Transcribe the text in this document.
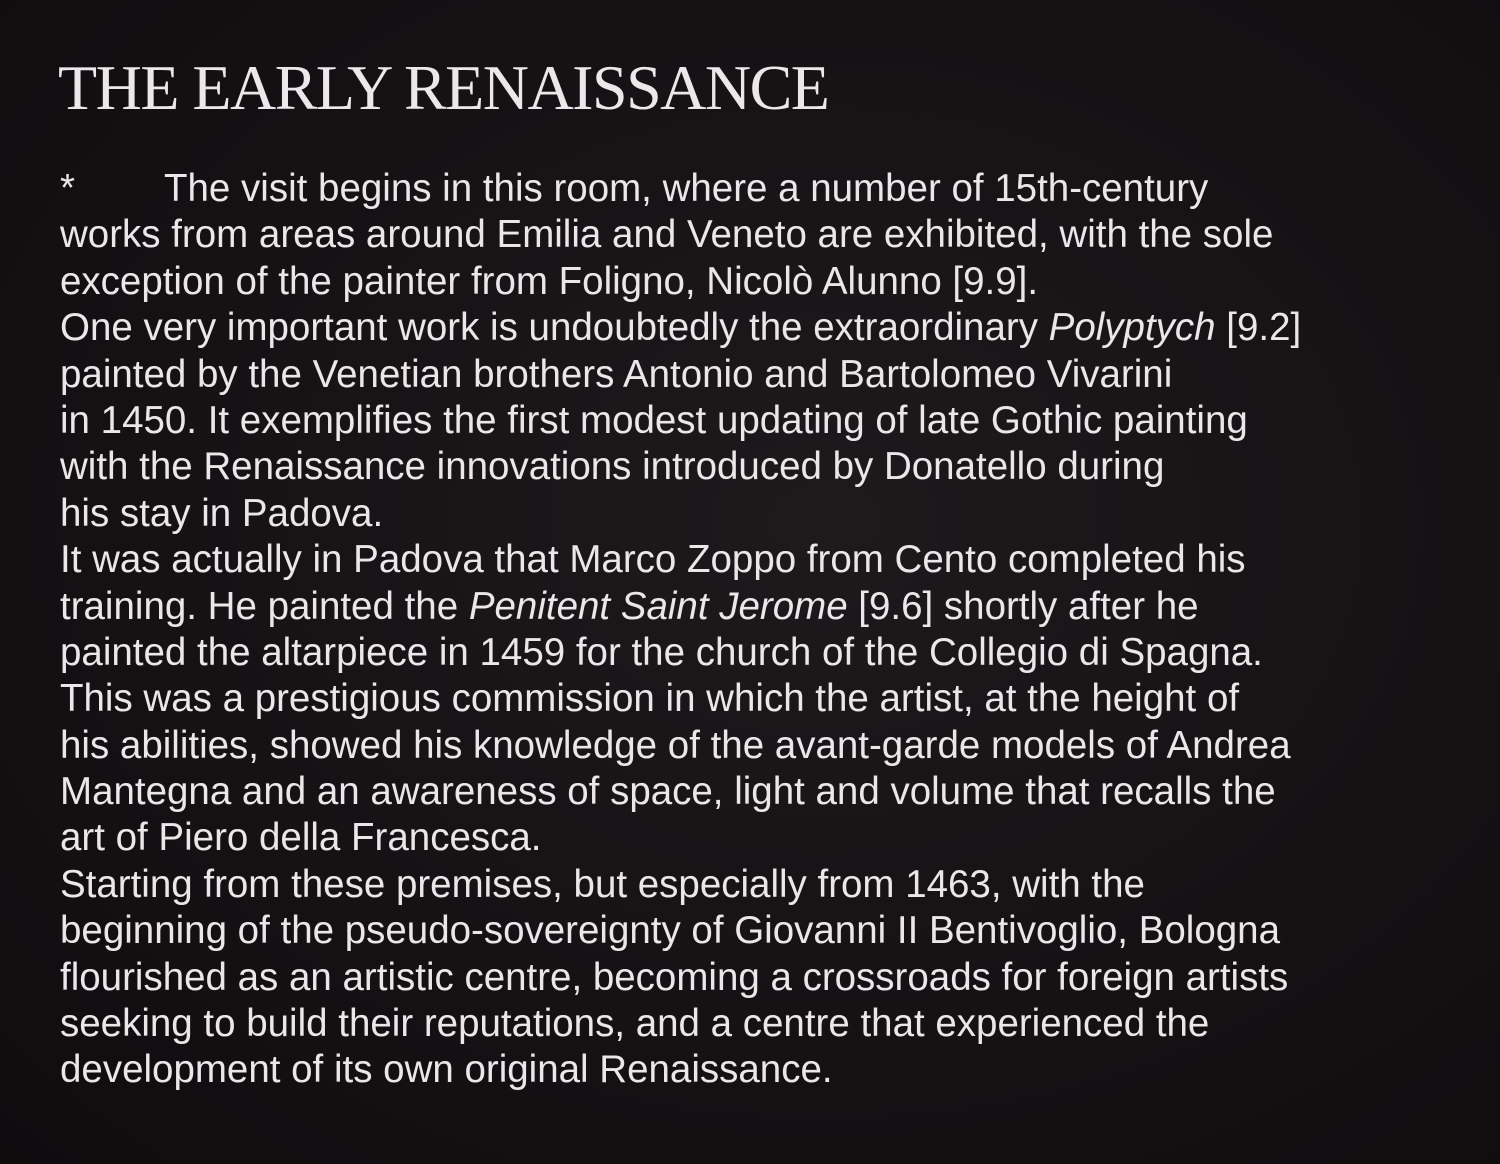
THE EARLY RENAISSANCE
* The visit begins in this room, where a number of 15th-century
works from areas around Emilia and Veneto are exhibited, with the sole
exception of the painter from Foligno, Nicolò Alunno [9.9].
One very important work is undoubtedly the extraordinary Polyptych [9.2]
painted by the Venetian brothers Antonio and Bartolomeo Vivarini
in 1450. It exemplifies the first modest updating of late Gothic painting
with the Renaissance innovations introduced by Donatello during
his stay in Padova.
It was actually in Padova that Marco Zoppo from Cento completed his
training. He painted the Penitent Saint Jerome [9.6] shortly after he
painted the altarpiece in 1459 for the church of the Collegio di Spagna.
This was a prestigious commission in which the artist, at the height of
his abilities, showed his knowledge of the avant-garde models of Andrea
Mantegna and an awareness of space, light and volume that recalls the
art of Piero della Francesca.
Starting from these premises, but especially from 1463, with the
beginning of the pseudo-sovereignty of Giovanni II Bentivoglio, Bologna
flourished as an artistic centre, becoming a crossroads for foreign artists
seeking to build their reputations, and a centre that experienced the
development of its own original Renaissance.
